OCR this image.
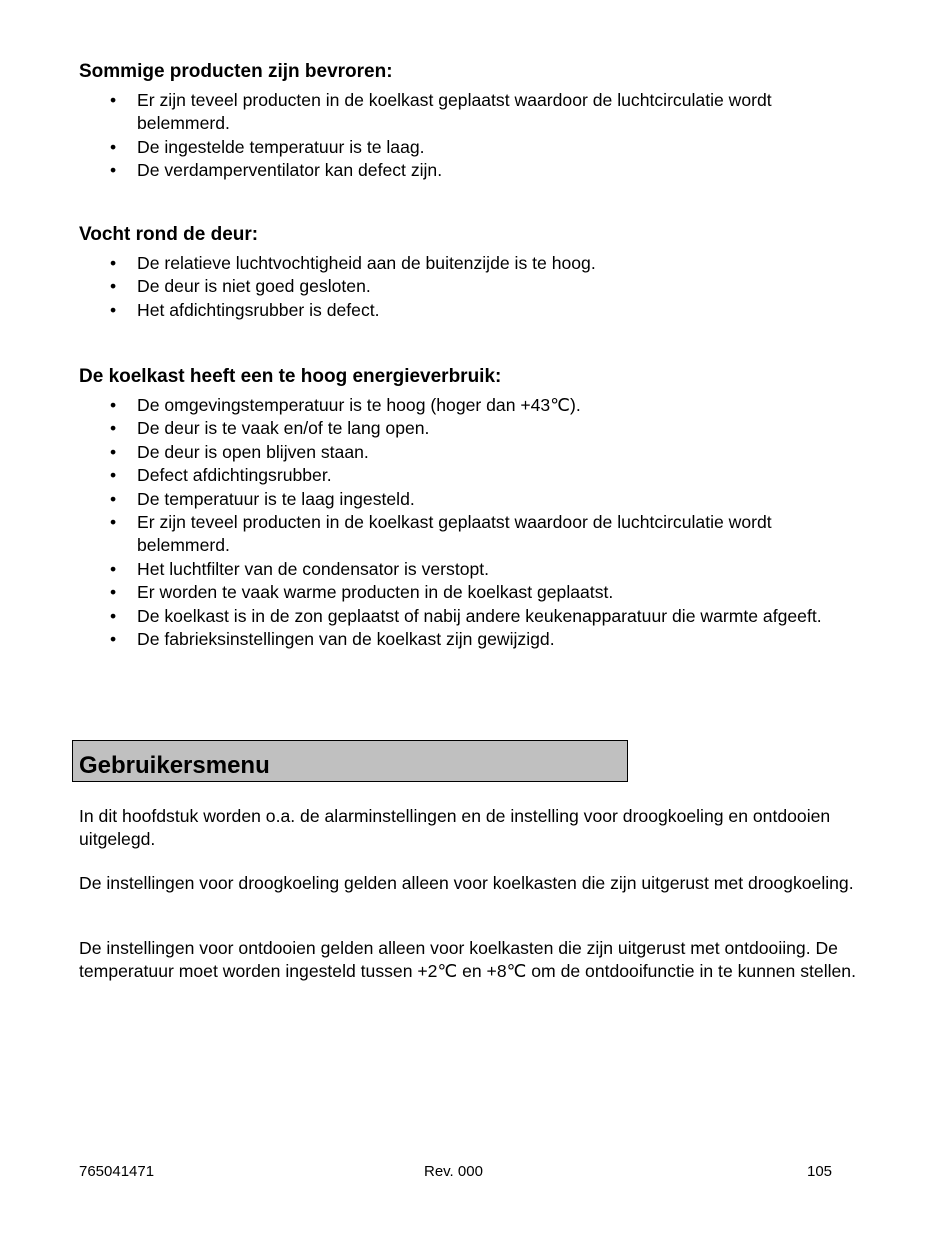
Sommige producten zijn bevroren:
• Er zijn teveel producten in de koelkast geplaatst waardoor de luchtcirculatie wordt belemmerd.
• De ingestelde temperatuur is te laag.
• De verdamperventilator kan defect zijn.
Vocht rond de deur:
• De relatieve luchtvochtigheid aan de buitenzijde is te hoog.
• De deur is niet goed gesloten.
• Het afdichtingsrubber is defect.
De koelkast heeft een te hoog energieverbruik:
• De omgevingstemperatuur is te hoog (hoger dan +43℃).
• De deur is te vaak en/of te lang open.
• De deur is open blijven staan.
• Defect afdichtingsrubber.
• De temperatuur is te laag ingesteld.
• Er zijn teveel producten in de koelkast geplaatst waardoor de luchtcirculatie wordt belemmerd.
• Het luchtfilter van de condensator is verstopt.
• Er worden te vaak warme producten in de koelkast geplaatst.
• De koelkast is in de zon geplaatst of nabij andere keukenapparatuur die warmte afgeeft.
• De fabrieksinstellingen van de koelkast zijn gewijzigd.
Gebruikersmenu
In dit hoofdstuk worden o.a. de alarminstellingen en de instelling voor droogkoeling en ontdooien uitgelegd.
De instellingen voor droogkoeling gelden alleen voor koelkasten die zijn uitgerust met droogkoeling.
De instellingen voor ontdooien gelden alleen voor koelkasten die zijn uitgerust met ontdooiing. De temperatuur moet worden ingesteld tussen +2℃ en +8℃ om de ontdooifunctie in te kunnen stellen.
765041471	Rev. 000	105
